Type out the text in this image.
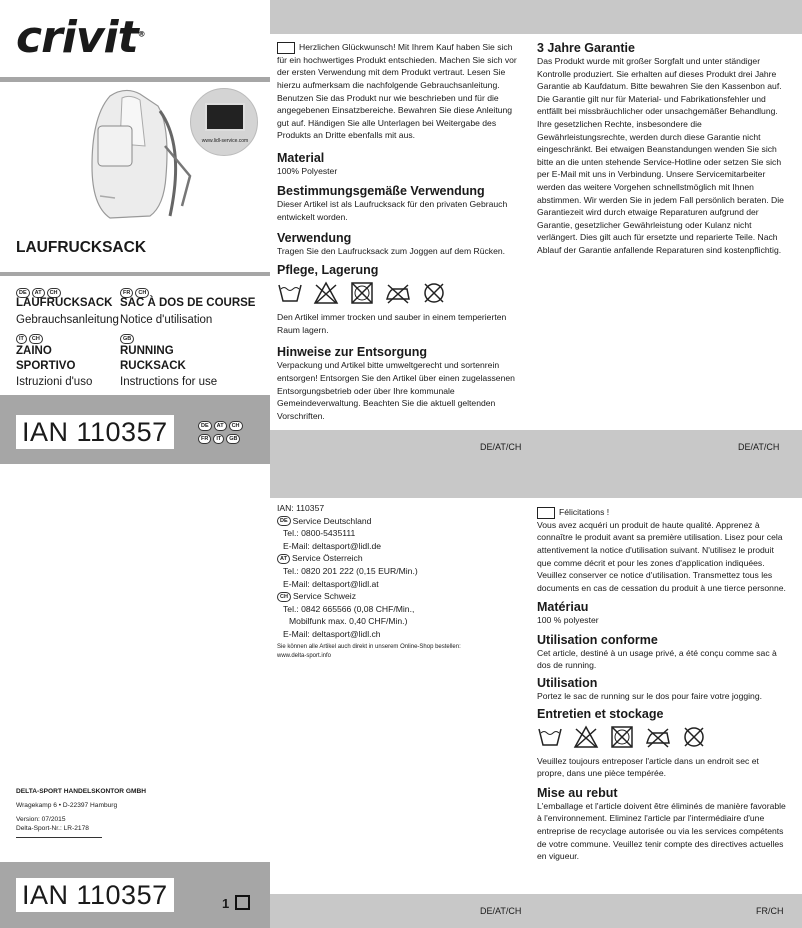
crivit®
www.lidl-service.com
LAUFRUCKSACK
DE AT CH	FR CH
LAUFRUCKSACK SAC À DOS DE COURSE
Gebrauchsanleitung Notice d'utilisation
IT CH	GB
ZAINO
SPORTIVO
RUNNING
RUCKSACK
Istruzioni d'uso Instructions for use
IAN 110357	DE AT CH
FR IT GB
Herzlichen Glückwunsch! Mit Ihrem Kauf haben Sie sich für ein hochwertiges Produkt entschieden. Machen Sie sich vor der ersten Verwendung mit dem Produkt vertraut. Lesen Sie hierzu aufmerksam die nachfolgende Gebrauchsanleitung. Benutzen Sie das Produkt nur wie beschrieben und für die angegebenen Einsatzbereiche. Bewahren Sie diese Anleitung gut auf. Händigen Sie alle Unterlagen bei Weitergabe des Produkts an Dritte ebenfalls mit aus.
Material
100% Polyester
Bestimmungsgemäße Verwendung
Dieser Artikel ist als Laufrucksack für den privaten Gebrauch entwickelt worden.
Verwendung
Tragen Sie den Laufrucksack zum Joggen auf dem Rücken.
Pflege, Lagerung
Den Artikel immer trocken und sauber in einem temperierten Raum lagern.
Hinweise zur Entsorgung
Verpackung und Artikel bitte umweltgerecht und sortenrein entsorgen! Entsorgen Sie den Artikel über einen zugelassenen Entsorgungsbetrieb oder über Ihre kommunale Gemeindeverwaltung. Beachten Sie die aktuell geltenden Vorschriften.
3 Jahre Garantie
Das Produkt wurde mit großer Sorgfalt und unter ständiger Kontrolle produziert. Sie erhalten auf dieses Produkt drei Jahre Garantie ab Kaufdatum. Bitte bewahren Sie den Kassenbon auf. Die Garantie gilt nur für Material- und Fabrikationsfehler und entfällt bei missbräuchlicher oder unsachgemäßer Behandlung. Ihre gesetzlichen Rechte, insbesondere die Gewährleistungsrechte, werden durch diese Garantie nicht eingeschränkt. Bei etwaigen Beanstandungen wenden Sie sich bitte an die unten stehende Service-Hotline oder setzen Sie sich per E-Mail mit uns in Verbindung. Unsere Servicemitarbeiter werden das weitere Vorgehen schnellstmöglich mit Ihnen abstimmen. Wir werden Sie in jedem Fall persönlich beraten. Die Garantiezeit wird durch etwaige Reparaturen aufgrund der Garantie, gesetzlicher Gewährleistung oder Kulanz nicht verlängert. Dies gilt auch für ersetzte und reparierte Teile. Nach Ablauf der Garantie anfallende Reparaturen sind kostenpflichtig.
DE/AT/CH	DE/AT/CH
DELTA-SPORT HANDELSKONTOR GMBH
Wragekamp 6 • D-22397 Hamburg
Version: 07/2015
Delta-Sport-Nr.: LR-2178
IAN 110357	1
IAN: 110357
DE Service Deutschland
Tel.: 0800-5435111
E-Mail: deltasport@lidl.de
AT Service Österreich
Tel.: 0820 201 222 (0,15 EUR/Min.)
E-Mail: deltasport@lidl.at
CH Service Schweiz
Tel.: 0842 665566 (0,08 CHF/Min.,
Mobilfunk max. 0,40 CHF/Min.)
E-Mail: deltasport@lidl.ch
Sie können alle Artikel auch direkt in unserem Online-Shop bestellen:
www.delta-sport.info
Félicitations !
Vous avez acquéri un produit de haute qualité. Apprenez à connaître le produit avant sa première utilisation. Lisez pour cela attentivement la notice d'utilisation suivant. N'utilisez le produit que comme décrit et pour les zones d'application indiquées. Veuillez conserver ce notice d'utilisation. Transmettez tous les documents en cas de cessation du produit à une tierce personne.
Matériau
100 % polyester
Utilisation conforme
Cet article, destiné à un usage privé, a été conçu comme sac à dos de running.
Utilisation
Portez le sac de running sur le dos pour faire votre jogging.
Entretien et stockage
Veuillez toujours entreposer l'article dans un endroit sec et propre, dans une pièce tempérée.
Mise au rebut
L'emballage et l'article doivent être éliminés de manière favorable à l'environnement. Eliminez l'article par l'intermédiaire d'une entreprise de recyclage autorisée ou via les services compétents de votre commune. Veuillez tenir compte des directives actuelles en vigueur.
DE/AT/CH	FR/CH
